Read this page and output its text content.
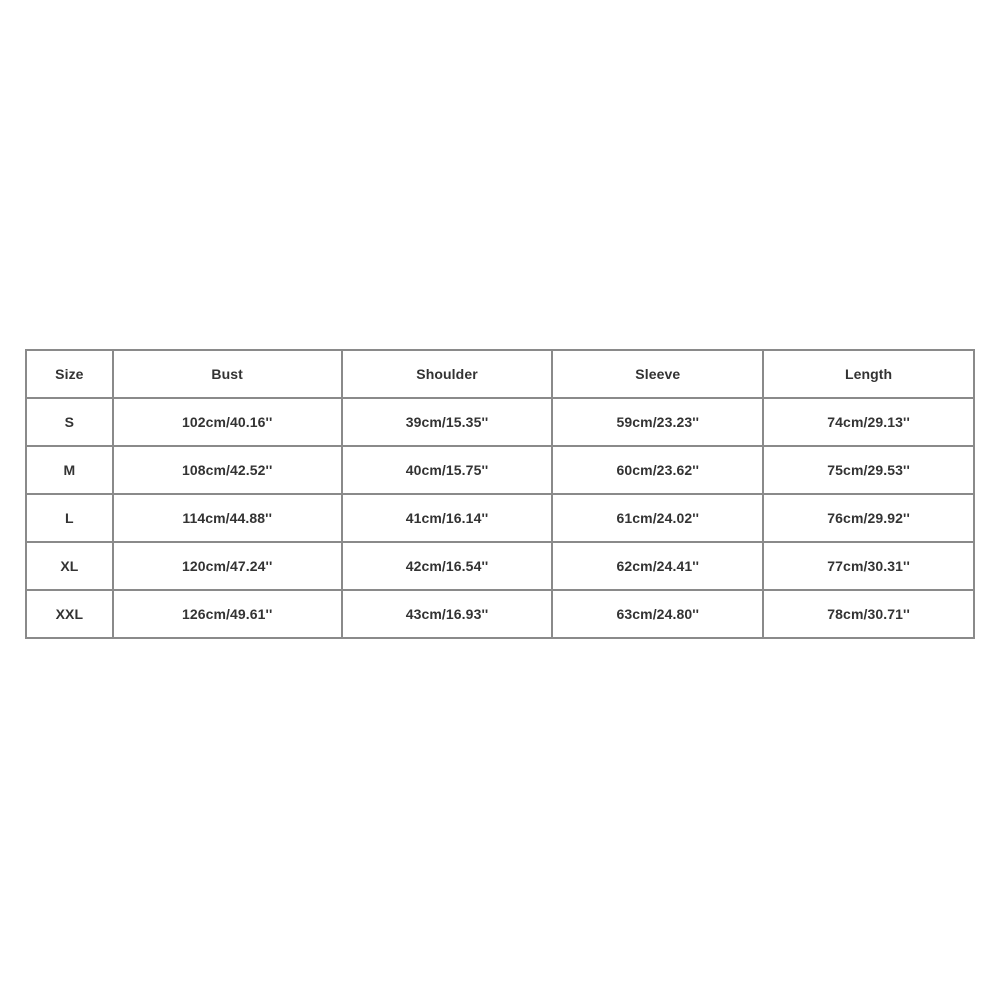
Size	Bust	Shoulder	Sleeve	Length
S	102cm/40.16''	39cm/15.35''	59cm/23.23''	74cm/29.13''
M	108cm/42.52''	40cm/15.75''	60cm/23.62''	75cm/29.53''
L	114cm/44.88''	41cm/16.14''	61cm/24.02''	76cm/29.92''
XL	120cm/47.24''	42cm/16.54''	62cm/24.41''	77cm/30.31''
XXL	126cm/49.61''	43cm/16.93''	63cm/24.80''	78cm/30.71''
